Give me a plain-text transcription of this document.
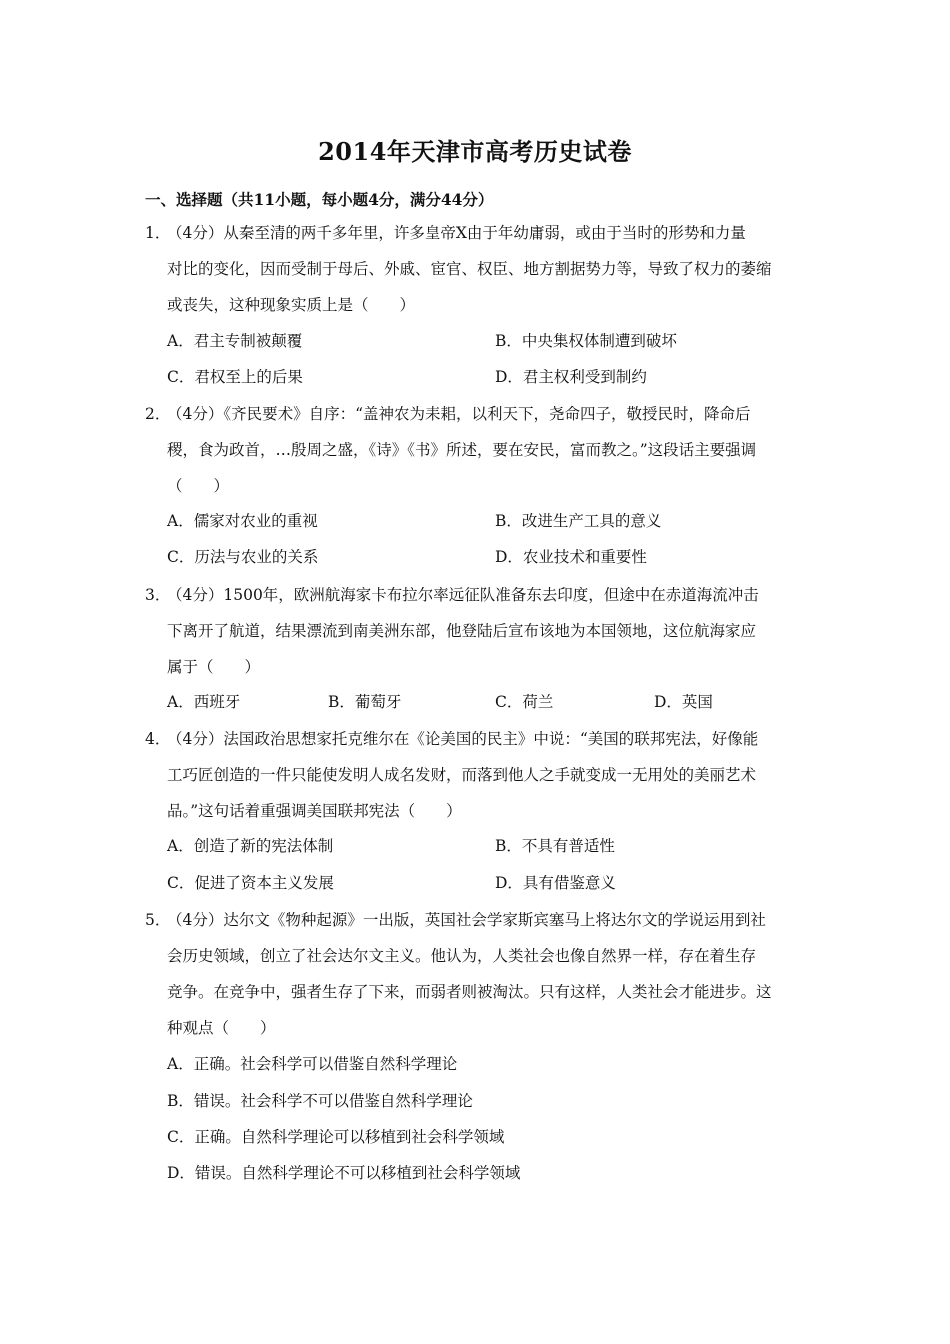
2014年天津市高考历史试卷
一、选择题（共11小题，每小题4分，满分44分）
1．（4分）从秦至清的两千多年里，许多皇帝X由于年幼庸弱，或由于当时的形势和力量
对比的变化，因而受制于母后、外戚、宦官、权臣、地方割据势力等，导致了权力的萎缩
或丧失，这种现象实质上是（　　）
A．君主专制被颠覆	B．中央集权体制遭到破坏
C．君权至上的后果	D．君主权利受到制约
2．（4分）《齐民要术》自序：“盖神农为耒耜，以利天下，尧命四子，敬授民时，降命后
稷，食为政首，…殷周之盛，《诗》《书》所述，要在安民，富而教之。”这段话主要强调
（　　）
A．儒家对农业的重视	B．改进生产工具的意义
C．历法与农业的关系	D．农业技术和重要性
3．（4分）1500年，欧洲航海家卡布拉尔率远征队准备东去印度，但途中在赤道海流冲击
下离开了航道，结果漂流到南美洲东部，他登陆后宣布该地为本国领地，这位航海家应
属于（　　）
A．西班牙	B．葡萄牙	C．荷兰	D．英国
4．（4分）法国政治思想家托克维尔在《论美国的民主》中说：“美国的联邦宪法，好像能
工巧匠创造的一件只能使发明人成名发财，而落到他人之手就变成一无用处的美丽艺术
品。”这句话着重强调美国联邦宪法（　　）
A．创造了新的宪法体制	B．不具有普适性
C．促进了资本主义发展	D．具有借鉴意义
5．（4分）达尔文《物种起源》一出版，英国社会学家斯宾塞马上将达尔文的学说运用到社
会历史领域，创立了社会达尔文主义。他认为，人类社会也像自然界一样，存在着生存
竞争。在竞争中，强者生存了下来，而弱者则被淘汰。只有这样，人类社会才能进步。这
种观点（　　）
A．正确。社会科学可以借鉴自然科学理论
B．错误。社会科学不可以借鉴自然科学理论
C．正确。自然科学理论可以移植到社会科学领域
D．错误。自然科学理论不可以移植到社会科学领域
